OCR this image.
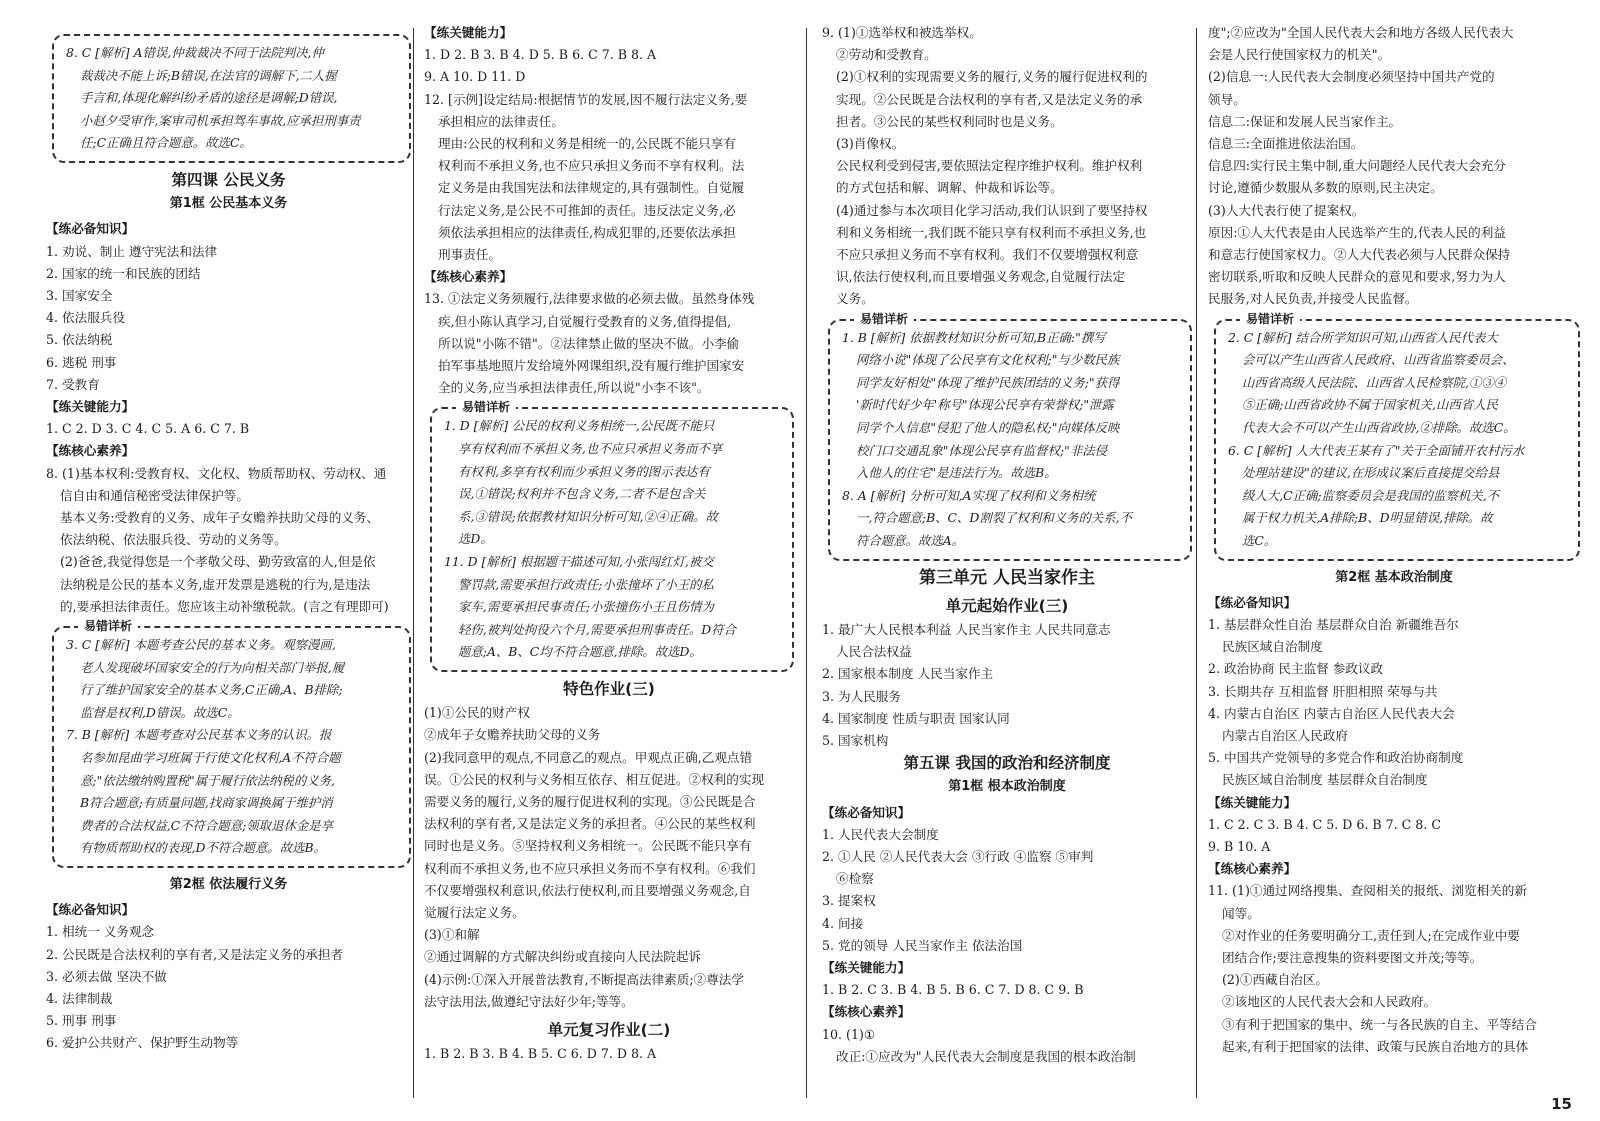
8. C [解析] A错误,仲裁裁决不同于法院判决,仲
裁裁决不能上诉;B错误,在法官的调解下,二人握
手言和,体现化解纠纷矛盾的途径是调解;D错误,
小赵夕受审作,案审司机承担驾车事故,应承担刑事责
任;C正确且符合题意。故选C。
第四课 公民义务
第1框 公民基本义务
【练必备知识】
1. 劝说、制止 遵守宪法和法律
2. 国家的统一和民族的团结
3. 国家安全
4. 依法服兵役
5. 依法纳税
6. 逃税 刑事
7. 受教育
【练关键能力】
1. C 2. D 3. C 4. C 5. A 6. C 7. B
【练核心素养】
8. (1)基本权利:受教育权、文化权、物质帮助权、劳动权、通
信自由和通信秘密受法律保护等。
基本义务:受教育的义务、成年子女赡养扶助父母的义务、
依法纳税、依法服兵役、劳动的义务等。
(2)爸爸,我觉得您是一个孝敬父母、勤劳致富的人,但是依
法纳税是公民的基本义务,虚开发票是逃税的行为,是违法
的,要承担法律责任。您应该主动补缴税款。(言之有理即可)
易错详析
3. C [解析] 本题考查公民的基本义务。观察漫画,
老人发现破坏国家安全的行为向相关部门举报,履
行了维护国家安全的基本义务,C正确,A、B排除;
监督是权利,D错误。故选C。
7. B [解析] 本题考查对公民基本义务的认识。报
名参加昆曲学习班属于行使文化权利,A不符合题
意;"依法缴纳购置税"属于履行依法纳税的义务,
B符合题意;有质量问题,找商家调换属于维护消
费者的合法权益,C不符合题意;领取退休金是享
有物质帮助权的表现,D不符合题意。故选B。
第2框 依法履行义务
【练必备知识】
1. 相统一 义务观念
2. 公民既是合法权利的享有者,又是法定义务的承担者
3. 必须去做 坚决不做
4. 法律制裁
5. 刑事 刑事
6. 爱护公共财产、保护野生动物等
【练关键能力】
1. D 2. B 3. B 4. D 5. B 6. C 7. B 8. A
9. A 10. D 11. D
12. [示例]设定结局:根据情节的发展,因不履行法定义务,要
承担相应的法律责任。
理由:公民的权利和义务是相统一的,公民既不能只享有
权利而不承担义务,也不应只承担义务而不享有权利。法
定义务是由我国宪法和法律规定的,具有强制性。自觉履
行法定义务,是公民不可推卸的责任。违反法定义务,必
须依法承担相应的法律责任,构成犯罪的,还要依法承担
刑事责任。
【练核心素养】
13. ①法定义务须履行,法律要求做的必须去做。虽然身体残
疾,但小陈认真学习,自觉履行受教育的义务,值得提倡,
所以说"小陈不错"。②法律禁止做的坚决不做。小李偷
拍军事基地照片发给境外网课组织,没有履行维护国家安
全的义务,应当承担法律责任,所以说"小李不该"。
易错详析
1. D [解析] 公民的权利义务相统一,公民既不能只
享有权利而不承担义务,也不应只承担义务而不享
有权利,多享有权利而少承担义务的图示表达有
误,①错误;权利并不包含义务,二者不是包含关
系,③错误;依据教材知识分析可知,②④正确。故
选D。
11. D [解析] 根据题干描述可知,小张闯红灯,被交
警罚款,需要承担行政责任;小张撞坏了小王的私
家车,需要承担民事责任;小张撞伤小王且伤情为
轻伤,被判处拘役六个月,需要承担刑事责任。D符合
题意;A、B、C均不符合题意,排除。故选D。
特色作业(三)
(1)①公民的财产权
②成年子女赡养扶助父母的义务
(2)我同意甲的观点,不同意乙的观点。甲观点正确,乙观点错
误。①公民的权利与义务相互依存、相互促进。②权利的实现
需要义务的履行,义务的履行促进权利的实现。③公民既是合
法权利的享有者,又是法定义务的承担者。④公民的某些权利
同时也是义务。⑤坚持权利义务相统一。公民既不能只享有
权利而不承担义务,也不应只承担义务而不享有权利。⑥我们
不仅要增强权利意识,依法行使权利,而且要增强义务观念,自
觉履行法定义务。
(3)①和解
②通过调解的方式解决纠纷或直接向人民法院起诉
(4)示例:①深入开展普法教育,不断提高法律素质;②尊法学
法守法用法,做遵纪守法好少年;等等。
单元复习作业(二)
1. B 2. B 3. B 4. B 5. C 6. D 7. D 8. A
9. (1)①选举权和被选举权。
②劳动和受教育。
(2)①权利的实现需要义务的履行,义务的履行促进权利的
实现。②公民既是合法权利的享有者,又是法定义务的承
担者。③公民的某些权利同时也是义务。
(3)肖像权。
公民权利受到侵害,要依照法定程序维护权利。维护权利
的方式包括和解、调解、仲裁和诉讼等。
(4)通过参与本次项目化学习活动,我们认识到了要坚持权
利和义务相统一,我们既不能只享有权利而不承担义务,也
不应只承担义务而不享有权利。我们不仅要增强权利意
识,依法行使权利,而且要增强义务观念,自觉履行法定
义务。
易错详析
1. B [解析] 依据教材知识分析可知,B正确:"撰写
网络小说"体现了公民享有文化权利;"与少数民族
同学友好相处"体现了维护民族团结的义务;"获得
'新时代好少年'称号"体现公民享有荣誉权;"泄露
同学个人信息"侵犯了他人的隐私权;"向媒体反映
校门口交通乱象"体现公民享有监督权;"非法侵
入他人的住宅"是违法行为。故选B。
8. A [解析] 分析可知,A实现了权利和义务相统
一,符合题意;B、C、D割裂了权利和义务的关系,不
符合题意。故选A。
第三单元 人民当家作主
单元起始作业(三)
1. 最广大人民根本利益 人民当家作主 人民共同意志
人民合法权益
2. 国家根本制度 人民当家作主
3. 为人民服务
4. 国家制度 性质与职责 国家认同
5. 国家机构
第五课 我国的政治和经济制度
第1框 根本政治制度
【练必备知识】
1. 人民代表大会制度
2. ①人民 ②人民代表大会 ③行政 ④监察 ⑤审判
⑥检察
3. 提案权
4. 间接
5. 党的领导 人民当家作主 依法治国
【练关键能力】
1. B 2. C 3. B 4. B 5. B 6. C 7. D 8. C 9. B
【练核心素养】
10. (1)①
改正:①应改为"人民代表大会制度是我国的根本政治制
度";②应改为"全国人民代表大会和地方各级人民代表大
会是人民行使国家权力的机关"。
(2)信息一:人民代表大会制度必须坚持中国共产党的
领导。
信息二:保证和发展人民当家作主。
信息三:全面推进依法治国。
信息四:实行民主集中制,重大问题经人民代表大会充分
讨论,遵循少数服从多数的原则,民主决定。
(3)人大代表行使了提案权。
原因:①人大代表是由人民选举产生的,代表人民的利益
和意志行使国家权力。②人大代表必须与人民群众保持
密切联系,听取和反映人民群众的意见和要求,努力为人
民服务,对人民负责,并接受人民监督。
易错详析
2. C [解析] 结合所学知识可知,山西省人民代表大
会可以产生山西省人民政府、山西省监察委员会、
山西省高级人民法院、山西省人民检察院,①③④
⑤正确;山西省政协不属于国家机关,山西省人民
代表大会不可以产生山西省政协,②排除。故选C。
6. C [解析] 人大代表王某有了"关于全面铺开农村污水
处理站建设"的建议,在形成议案后直接提交给县
级人大,C正确;监察委员会是我国的监察机关,不
属于权力机关,A排除;B、D明显错误,排除。故
选C。
第2框 基本政治制度
【练必备知识】
1. 基层群众性自治 基层群众自治 新疆维吾尔
民族区域自治制度
2. 政治协商 民主监督 参政议政
3. 长期共存 互相监督 肝胆相照 荣辱与共
4. 内蒙古自治区 内蒙古自治区人民代表大会
内蒙古自治区人民政府
5. 中国共产党领导的多党合作和政治协商制度
民族区域自治制度 基层群众自治制度
【练关键能力】
1. C 2. C 3. B 4. C 5. D 6. B 7. C 8. C
9. B 10. A
【练核心素养】
11. (1)①通过网络搜集、查阅相关的报纸、浏览相关的新
闻等。
②对作业的任务要明确分工,责任到人;在完成作业中要
团结合作;要注意搜集的资料要图文并茂;等等。
(2)①西藏自治区。
②该地区的人民代表大会和人民政府。
③有利于把国家的集中、统一与各民族的自主、平等结合
起来,有利于把国家的法律、政策与民族自治地方的具体
15
